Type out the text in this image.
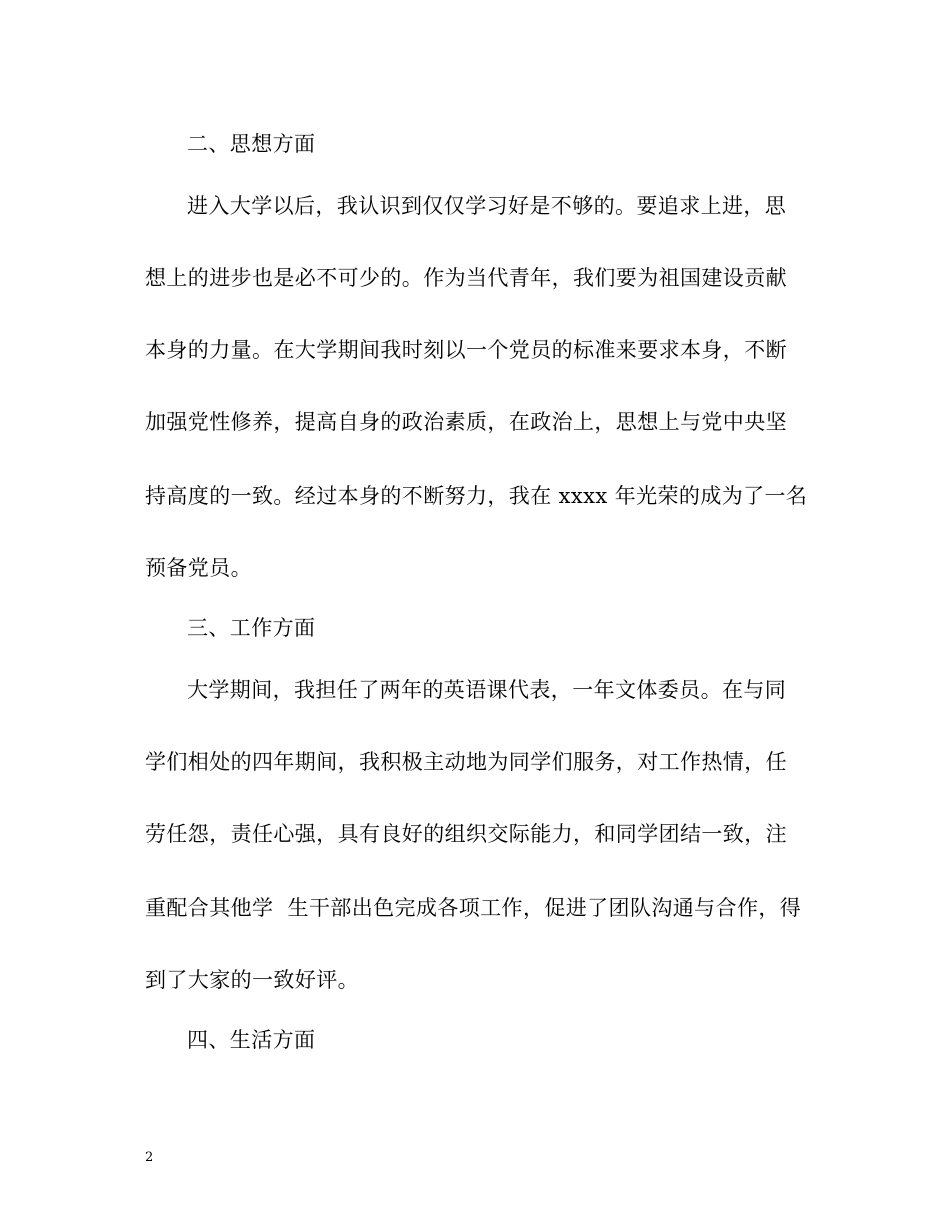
二、思想方面
进入大学以后，我认识到仅仅学习好是不够的。要追求上进，思
想上的进步也是必不可少的。作为当代青年，我们要为祖国建设贡献
本身的力量。在大学期间我时刻以一个党员的标准来要求本身，不断
加强党性修养，提高自身的政治素质，在政治上，思想上与党中央坚
持高度的一致。经过本身的不断努力，我在 xxxx 年光荣的成为了一名
预备党员。
三、工作方面
大学期间，我担任了两年的英语课代表，一年文体委员。在与同
学们相处的四年期间，我积极主动地为同学们服务，对工作热情，任
劳任怨，责任心强，具有良好的组织交际能力，和同学团结一致，注
重配合其他学  生干部出色完成各项工作，促进了团队沟通与合作，得
到了大家的一致好评。
四、生活方面
2
